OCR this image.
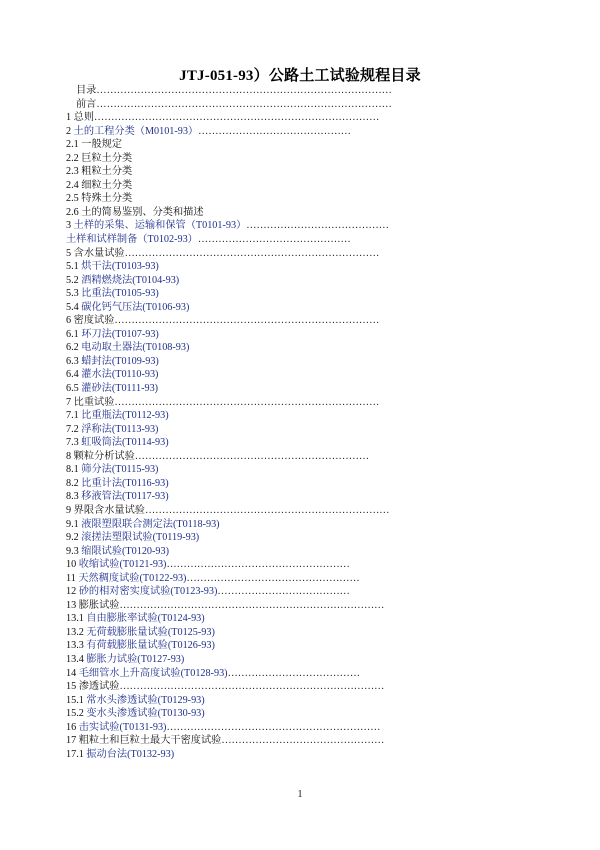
JTJ-051-93）公路土工试验规程目录
目录……………………………………………………………………………
前言……………………………………………………………………………
1 总则…………………………………………………………………………
2 土的工程分类（M0101-93）………………………………………
2.1 一般规定
2.2 巨粒土分类
2.3 粗粒土分类
2.4 细粒土分类
2.5 特殊土分类
2.6 土的简易鉴别、分类和描述
3 土样的采集、运输和保管（T0101-93）……………………………………
土样和试样制备（T0102-93）………………………………………
5 含水量试验…………………………………………………………………
5.1 烘干法(T0103-93)
5.2 酒精燃烧法(T0104-93)
5.3 比重法(T0105-93)
5.4 碳化钙气压法(T0106-93)
6 密度试验……………………………………………………………………
6.1 环刀法(T0107-93)
6.2 电动取土器法(T0108-93)
6.3 蜡封法(T0109-93)
6.4 灌水法(T0110-93)
6.5 灌砂法(T0111-93)
7 比重试验……………………………………………………………………
7.1 比重瓶法(T0112-93)
7.2 浮称法(T0113-93)
7.3 虹吸筒法(T0114-93)
8 颗粒分析试验……………………………………………………………
8.1 筛分法(T0115-93)
8.2 比重计法(T0116-93)
8.3 移液管法(T0117-93)
9 界限含水量试验………………………………………………………………
9.1 液限塑限联合测定法(T0118-93)
9.2 滚搓法塑限试验(T0119-93)
9.3 缩限试验(T0120-93)
10 收缩试验(T0121-93)………………………………………………
11 天然稠度试验(T0122-93)……………………………………………
12 砂的相对密实度试验(T0123-93)…………………………………
13 膨胀试验……………………………………………………………………
13.1 自由膨胀率试验(T0124-93)
13.2 无荷载膨胀量试验(T0125-93)
13.3 有荷载膨胀量试验(T0126-93)
13.4 膨胀力试验(T0127-93)
14 毛细管水上升高度试验(T0128-93)…………………………………
15 渗透试验……………………………………………………………………
15.1 常水头渗透试验(T0129-93)
15.2 变水头渗透试验(T0130-93)
16 击实试验(T0131-93)………………………………………………………
17 粗粒土和巨粒土最大干密度试验…………………………………………
17.1 振动台法(T0132-93)
1
